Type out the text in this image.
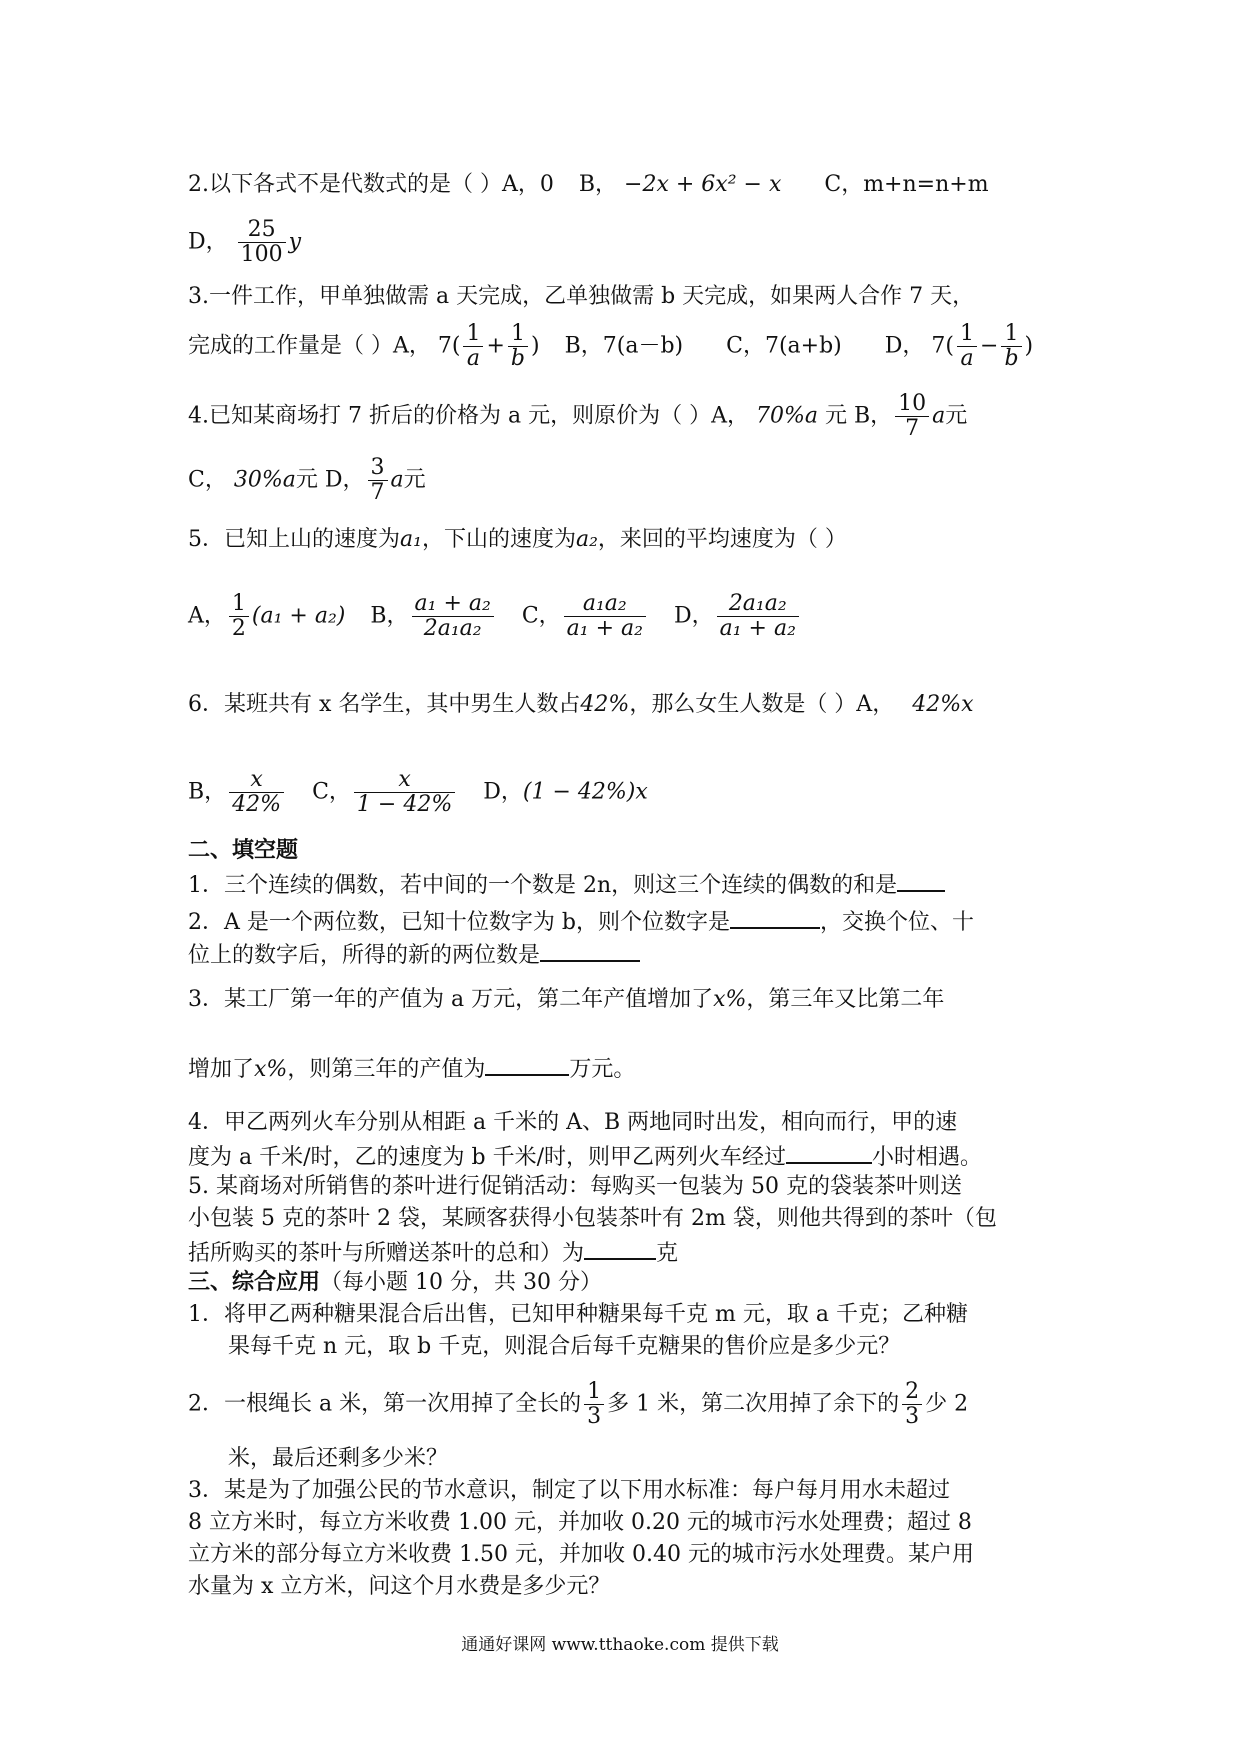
2.以下各式不是代数式的是（ ）A，0 B， −2x + 6x² − x C，m+n=n+m
D， $\frac{25}{100}$ y
3.一件工作，甲单独做需 a 天完成，乙单独做需 b 天完成，如果两人合作 7 天，
完成的工作量是（ ）A， $7( \frac{1}{a} + \frac{1}{b}$ ) B，7(a－b) C，7(a+b) D， $7( \frac{1}{a} - \frac{1}{b}$ )
4.已知某商场打 7 折后的价格为 a 元，则原价为（ ）A， 70%a 元 B， $\frac{10}{7}$ a元
C， 30%a元 D， $\frac{3}{7}$ a元
5．已知上山的速度为a₁，下山的速度为a₂，来回的平均速度为（ ）
A， $\frac{1}{2} (a_1 + a_2)$ B， $\frac{\text{a₁ + a₂}}{\text{2a₁a₂}}$ C， $\frac{\text{a₁a₂}}{\text{a₁ + a₂}}$ D， $\frac{\text{2a₁a₂}}{\text{a₁ + a₂}}$
6．某班共有 x 名学生，其中男生人数占42%，那么女生人数是（ ）A， 42%x
B， $\frac{x}{42\%}$ C， $\frac{x}{1 - 42\%}$ D，(1 − 42%)x
二、填空题
1．三个连续的偶数，若中间的一个数是 2n，则这三个连续的偶数的和是
2．A 是一个两位数，已知十位数字为 b，则个位数字是	，交换个位、十
位上的数字后，所得的新的两位数是
3．某工厂第一年的产值为 a 万元，第二年产值增加了x%，第三年又比第二年
增加了x%，则第三年的产值为	万元。
4．甲乙两列火车分别从相距 a 千米的 A、B 两地同时出发，相向而行，甲的速
度为 a 千米/时，乙的速度为 b 千米/时，则甲乙两列火车经过	小时相遇。
5. 某商场对所销售的茶叶进行促销活动：每购买一包装为 50 克的袋装茶叶则送
小包装 5 克的茶叶 2 袋，某顾客获得小包装茶叶有 2m 袋，则他共得到的茶叶（包
括所购买的茶叶与所赠送茶叶的总和）为	克
三、综合应用（每小题 10 分，共 30 分）
1．将甲乙两种糖果混合后出售，已知甲种糖果每千克 m 元，取 a 千克；乙种糖
果每千克 n 元，取 b 千克，则混合后每千克糖果的售价应是多少元？
2．一根绳长 a 米，第一次用掉了全长的 $\frac{1}{3}$ 多 1 米，第二次用掉了余下的 $\frac{2}{3}$ 少 2
米，最后还剩多少米？
3．某是为了加强公民的节水意识，制定了以下用水标准：每户每月用水未超过
8 立方米时，每立方米收费 1.00 元，并加收 0.20 元的城市污水处理费；超过 8
立方米的部分每立方米收费 1.50 元，并加收 0.40 元的城市污水处理费。某户用
水量为 x 立方米，问这个月水费是多少元？
通通好课网 www.tthaoke.com 提供下载
